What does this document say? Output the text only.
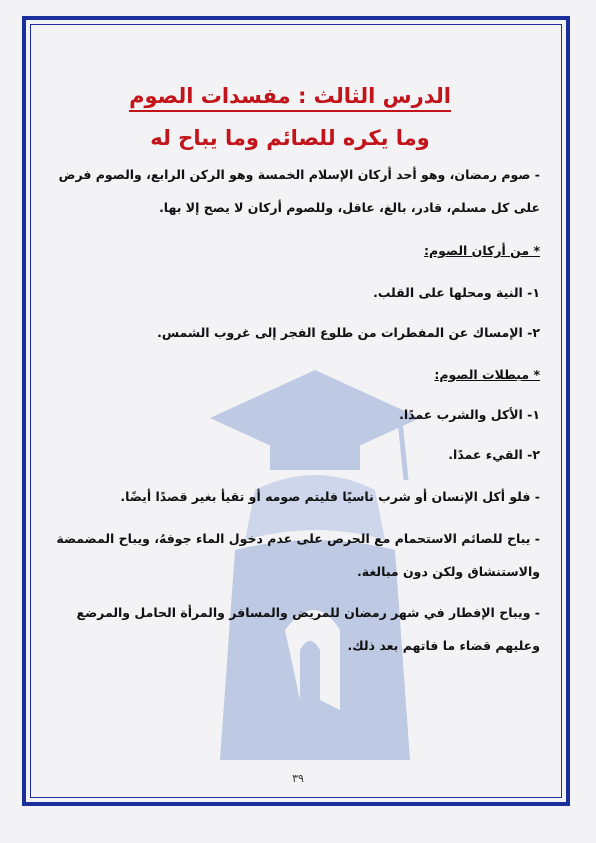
الدرس الثالث : مفسدات الصوم
وما يكره للصائم وما يباح له
- صوم رمضان، وهو أحد أركان الإسلام الخمسة وهو الركن الرابع، والصوم فرض على كل مسلم، قادر، بالغ، عاقل، وللصوم أركان لا يصح إلا بها.
* من أركان الصوم:
١- النية ومحلها على القلب.
٢- الإمساك عن المفطرات من طلوع الفجر إلى غروب الشمس.
* مبطلات الصوم:
١- الأكل والشرب عمدًا.
٢- القيء عمدًا.
- فلو أكل الإنسان أو شرب ناسيًا فليتم صومه أو تقيأ بغير قصدًا أيضًا.
- يباح للصائم الاستحمام مع الحرص على عدم دخول الماء جوفهُ، ويباح المضمضة والاستنشاق ولكن دون مبالغة.
- ويباح الإفطار في شهر رمضان للمريض والمسافر والمرأة الحامل والمرضع وعليهم قضاء ما فاتهم بعد ذلك.
٣٩
